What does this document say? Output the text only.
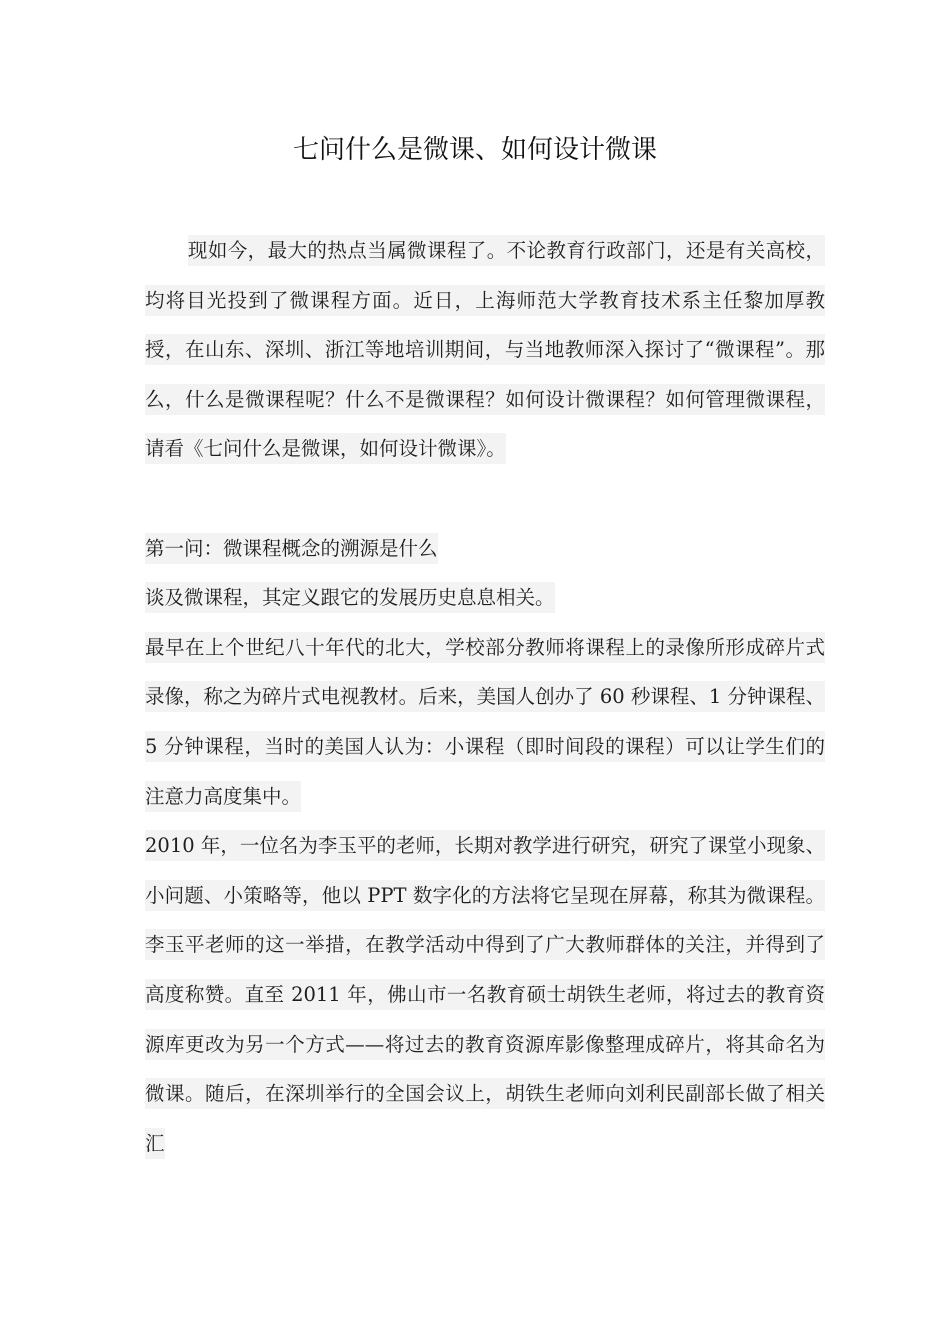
七问什么是微课、如何设计微课

现如今，最大的热点当属微课程了。不论教育行政部门，还是有关高校，均将目光投到了微课程方面。近日，上海师范大学教育技术系主任黎加厚教授，在山东、深圳、浙江等地培训期间，与当地教师深入探讨了“微课程”。那么，什么是微课程呢？什么不是微课程？如何设计微课程？如何管理微课程，请看《七问什么是微课，如何设计微课》。

第一问：微课程概念的溯源是什么

谈及微课程，其定义跟它的发展历史息息相关。

最早在上个世纪八十年代的北大，学校部分教师将课程上的录像所形成碎片式录像，称之为碎片式电视教材。后来，美国人创办了 60 秒课程、1 分钟课程、5 分钟课程，当时的美国人认为：小课程（即时间段的课程）可以让学生们的注意力高度集中。

2010 年，一位名为李玉平的老师，长期对教学进行研究，研究了课堂小现象、小问题、小策略等，他以 PPT 数字化的方法将它呈现在屏幕，称其为微课程。李玉平老师的这一举措，在教学活动中得到了广大教师群体的关注，并得到了高度称赞。直至 2011 年，佛山市一名教育硕士胡铁生老师，将过去的教育资源库更改为另一个方式——将过去的教育资源库影像整理成碎片，将其命名为微课。随后，在深圳举行的全国会议上，胡铁生老师向刘利民副部长做了相关汇
